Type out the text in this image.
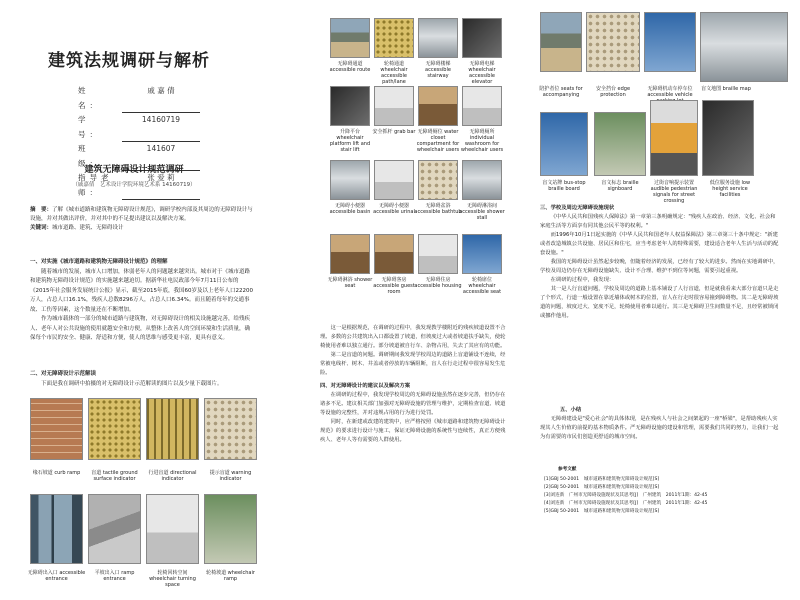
建筑法规调研与解析
姓　　名：
戚 嘉 倩
学　　号：
14160719
班　　级：
141607
指导老师：
张 爱 莉
建筑无障碍设计规范调研
（戚嘉倩　艺术设计学院环境艺术系 14160719）
摘　要：了解《城市道路和建筑物无障碍设计规范》，调研学校内部及其周边的无障碍设计与设施，并对其做出评价，并对其中的不足提出建议以及解决方案。
关键词：城市道路、建筑、无障碍设计
一、对实施《城市道路和建筑物无障碍设计规范》的理解
随着城市的发展，城市人口增加，体弱老年人的问题越来越突出。城市对于《城市道路和建筑物无障碍设计规范》的实施越来越迫切。据新华社电民政部今年7月11日公布的《2015年社会服务发展统计公报》显示，截至2015年底，我国60岁及以上老年人口22200万人，占总人口16.1%，残疾人总数8296万人，占总人口6.34%。而且随着每年的交通事故、工伤等因素，这个数量还在不断增加。
作为城市载体的一部分的城市道路与建筑物，对无障碍设计的相关设施越完善，给残疾人、老年人对公共设施的使用就越安全和方便，从整体上改善人的空间环境和生活质量，确保每个市民的安全、健康、舒适和方便，使人的思维与感受更丰富，更具有意义。
二、对无障碍设计示范解读
下面是我在调研中拍摄的对无障碍设计示范解读的图片以及少量下载图片。
缘石坡道 curb ramp	盲道 tactile ground surface indicator
行进盲道 directional indicator
提示盲道 warning indicator
无障碍出入口 accessible entrance
平坡出入口 ramp entrance
轮椅回转空间 wheelchair turning space
轮椅坡道 wheelchair ramp
无障碍通道 accessible route
轮椅通道 wheelchair accessible path/lane
无障碍楼梯 accessible stairway
无障碍电梯 wheelchair accessible elevator
升降平台 wheelchair platform lift and stair lift
安全抓杆 grab bar 无障碍厕位 water closet compartment for wheelchair users
无障碍厕所 individual washroom for wheelchair users
无障碍小便器 accessible basin
无障碍小便器 accessible urinal
无障碍盆浴 accessible bathtub
无障碍淋浴间 accessible shower stall
无障碍淋浴 shower seat
无障碍客房 accessible guest room
无障碍住房 accessible housing
轮椅席位 wheelchair accessible seat
这一是根据规范，在调研的过程中，我发现教学楼附近的残疾坡道设置不合理。多数的公共建筑出入口都设置了坡道，但坡度过大或者坡道扶手缺失，使轮椅使用者难以独立通行。部分坡道被自行车、杂物占用，失去了其应有的功能。
第二是盲道的问题。调研期间我发现学校周边的道路上盲道铺设不连续，经常被电线杆、树木、井盖或者停放的车辆阻断，盲人在行走过程中很容易发生危险。
四、对无障碍设计的建议以及解决方案
在调研的过程中，我发现学校周边的无障碍设施虽然在逐步完善，但仍存在诸多不足。建议相关部门加强对无障碍设施的管理与维护，定期检查盲道、坡道等设施的完整性，并对违规占用的行为进行处罚。
同时，在新建或改建的建筑中，应严格按照《城市道路和建筑物无障碍设计规范》的要求进行设计与施工，保证无障碍设施的系统性与连续性，真正方便残疾人、老年人等有需要的人群使用。
陪护者位 seats for accompanying
安全挡台 edge protection
无障碍机动车停车位 accessible vehicle
盲文地图 braille map
盲文站牌 bus-stop braille board
盲文标志 braille signboard
过街音响提示装置 audible pedestrian signals for street crossing
低位服务设施 low height service facilities
三、学校及周边无障碍设施现状
《中华人民共和国残疾人保障法》第一章第三条明确规定："残疾人在政治、经济、文化、社会和家庭生活等方面享有同其他公民平等的权利。"
而1996年10月1日起实施的《中华人民共和国老年人权益保障法》第三章第三十条中规定："新建或者改造城镇公共设施、居民区和住宅，应当考虑老年人的特殊需要，建设适合老年人生活与活动的配套设施。"
我国的无障碍设计虽然起步较晚，但随着经济的发展，已经有了较大的进步。然而在实地调研中，学校及周边仍存在无障碍设施缺失、设计不合理、维护不到位等问题，需要引起重视。
在调研的过程中，我发现：
其一是人行盲道问题，学校及周边的道路上基本铺设了人行盲道，但是就我看来大部分盲道只是走了个形式，行道一般设置在靠近墙体或树木的位置，盲人在行走时很容易撞到障碍物。其二是无障碍坡道的问题，坡度过大、宽度不足，轮椅使用者难以通行。其三是无障碍卫生间数量不足，且经常被锁闭或挪作他用。
五、小结
无障碍建设是"爱心社会"的具体体现，是在残疾人与社会之间架起的一座"桥梁"，是帮助残疾人实现其人生价值的前提的基本物质条件。严无障碍设施的建设和管理，需要我们共同的努力，让我们一起为有需要的市民们创造更舒适的城市空间。
参考文献
[1]GBJ 50-2001　城市道路和建筑物无障碍设计规范[S]
[2]GBJ 50-2001　城市道路和建筑物无障碍设计规范[S]
[3]刘连新　广州市无障碍设施现状及其思考[J]　广州建筑　2011年1期：42-45
[4]刘连新　广州市无障碍设施现状及其思考[J]　广州建筑　2011年1期：42-45
[5]GBJ 50-2001　城市道路和建筑物无障碍设计规范[S]
